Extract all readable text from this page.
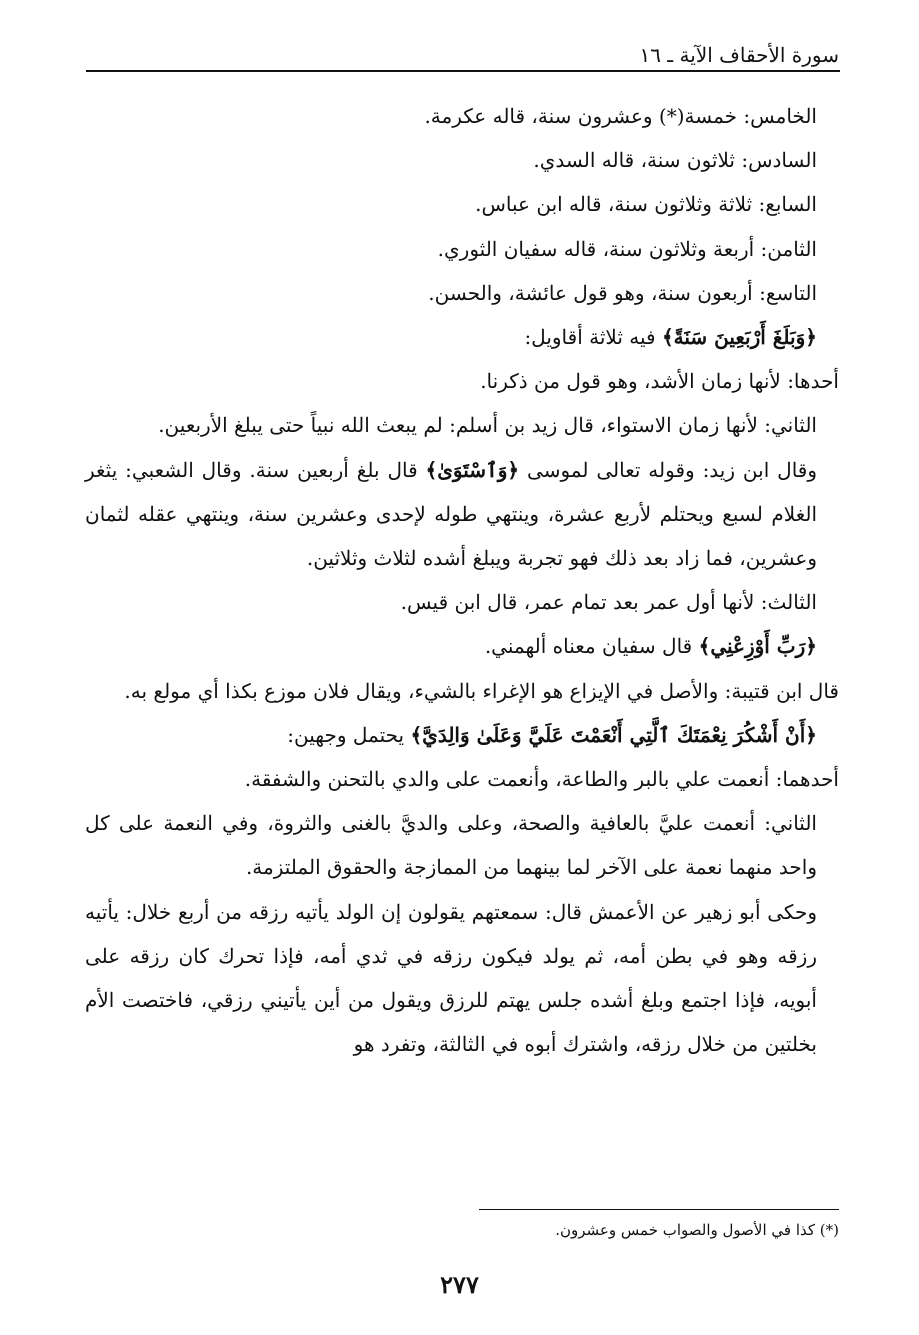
سورة الأحقاف الآية ـ ١٦

الخامس: خمسة(*) وعشرون سنة، قاله عكرمة.

السادس: ثلاثون سنة، قاله السدي.

السابع: ثلاثة وثلاثون سنة، قاله ابن عباس.

الثامن: أربعة وثلاثون سنة، قاله سفيان الثوري.

التاسع: أربعون سنة، وهو قول عائشة، والحسن.

﴿وَبَلَغَ أَرْبَعِينَ سَنَةً﴾ فيه ثلاثة أقاويل:

أحدها: لأنها زمان الأشد، وهو قول من ذكرنا.

الثاني: لأنها زمان الاستواء، قال زيد بن أسلم: لم يبعث الله نبياً حتى يبلغ الأربعين.

وقال ابن زيد: وقوله تعالى لموسى ﴿وَٱسْتَوَىٰ﴾ قال بلغ أربعين سنة. وقال الشعبي: يثغر الغلام لسبع ويحتلم لأربع عشرة، وينتهي طوله لإحدى وعشرين سنة، وينتهي عقله لثمان وعشرين، فما زاد بعد ذلك فهو تجربة ويبلغ أشده لثلاث وثلاثين.

الثالث: لأنها أول عمر بعد تمام عمر، قال ابن قيس.

﴿رَبِّ أَوْزِعْنِي﴾ قال سفيان معناه ألهمني.

قال ابن قتيبة: والأصل في الإيزاع هو الإغراء بالشيء، ويقال فلان موزع بكذا أي مولع به.

﴿أَنْ أَشْكُرَ نِعْمَتَكَ ٱلَّتِي أَنْعَمْتَ عَلَيَّ وَعَلَىٰ وَالِدَيَّ﴾ يحتمل وجهين:

أحدهما: أنعمت علي بالبر والطاعة، وأنعمت على والدي بالتحنن والشفقة.

الثاني: أنعمت عليَّ بالعافية والصحة، وعلى والديَّ بالغنى والثروة، وفي النعمة على كل واحد منهما نعمة على الآخر لما بينهما من الممازجة والحقوق الملتزمة.

وحكى أبو زهير عن الأعمش قال: سمعتهم يقولون إن الولد يأتيه رزقه من أربع خلال: يأتيه رزقه وهو في بطن أمه، ثم يولد فيكون رزقه في ثدي أمه، فإذا تحرك كان رزقه على أبويه، فإذا اجتمع وبلغ أشده جلس يهتم للرزق ويقول من أين يأتيني رزقي، فاختصت الأم بخلتين من خلال رزقه، واشترك أبوه في الثالثة، وتفرد هو

(*) كذا في الأصول والصواب خمس وعشرون.
٢٧٧
